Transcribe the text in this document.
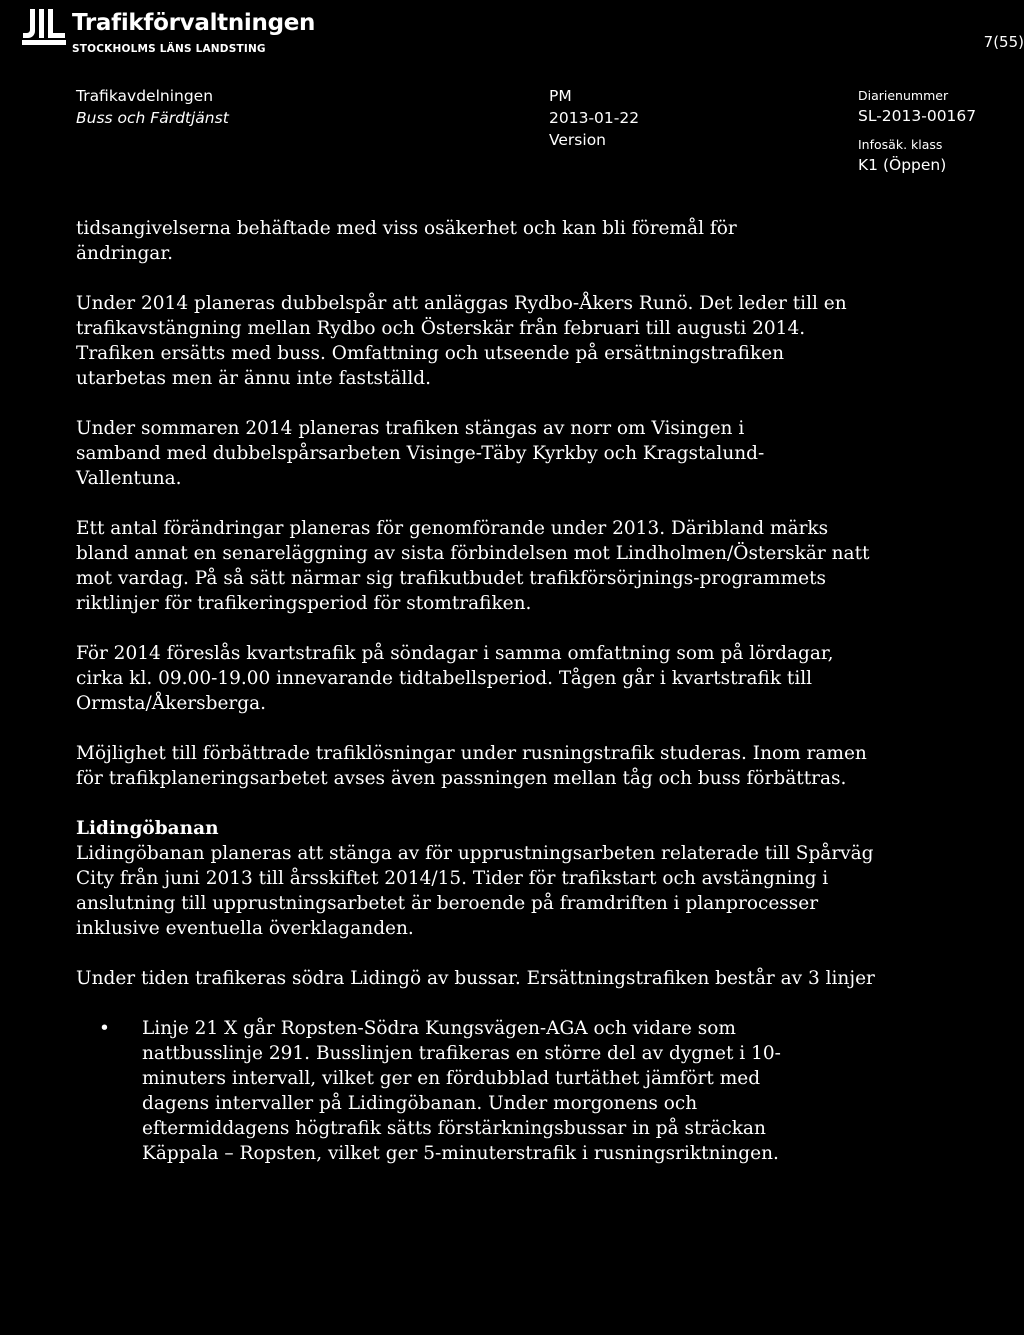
Trafikförvaltningen
STOCKHOLMS LÄNS LANDSTING	7(55)
Trafikavdelningen
Buss och Färdtjänst
PM
2013-01-22
Version
Diarienummer
SL-2013-00167
Infosäk. klass
K1 (Öppen)

tidsangivelserna behäftade med viss osäkerhet och kan bli föremål för ändringar.

Under 2014 planeras dubbelspår att anläggas Rydbo-Åkers Runö. Det leder till en trafikavstängning mellan Rydbo och Österskär från februari till augusti 2014. Trafiken ersätts med buss. Omfattning och utseende på ersättningstrafiken utarbetas men är ännu inte fastställd.

Under sommaren 2014 planeras trafiken stängas av norr om Visingen i samband med dubbelspårsarbeten Visinge-Täby Kyrkby och Kragstalund-Vallentuna.

Ett antal förändringar planeras för genomförande under 2013. Däribland märks bland annat en senareläggning av sista förbindelsen mot Lindholmen/Österskär natt mot vardag. På så sätt närmar sig trafikutbudet trafikförsörjnings-programmets riktlinjer för trafikeringsperiod för stomtrafiken.

För 2014 föreslås kvartstrafik på söndagar i samma omfattning som på lördagar, cirka kl. 09.00-19.00 innevarande tidtabellsperiod. Tågen går i kvartstrafik till Ormsta/Åkersberga.

Möjlighet till förbättrade trafiklösningar under rusningstrafik studeras. Inom ramen för trafikplaneringsarbetet avses även passningen mellan tåg och buss förbättras.

Lidingöbanan

Lidingöbanan planeras att stänga av för upprustningsarbeten relaterade till Spårväg City från juni 2013 till årsskiftet 2014/15. Tider för trafikstart och avstängning i anslutning till upprustningsarbetet är beroende på framdriften i planprocesser inklusive eventuella överklaganden.

Under tiden trafikeras södra Lidingö av bussar. Ersättningstrafiken består av 3 linjer

• Linje 21 X går Ropsten-Södra Kungsvägen-AGA och vidare som nattbusslinje 291. Busslinjen trafikeras en större del av dygnet i 10-minuters intervall, vilket ger en fördubblad turtäthet jämfört med dagens intervaller på Lidingöbanan. Under morgonens och eftermiddagens högtrafik sätts förstärkningsbussar in på sträckan Käppala – Ropsten, vilket ger 5-minuterstrafik i rusningsriktningen.
